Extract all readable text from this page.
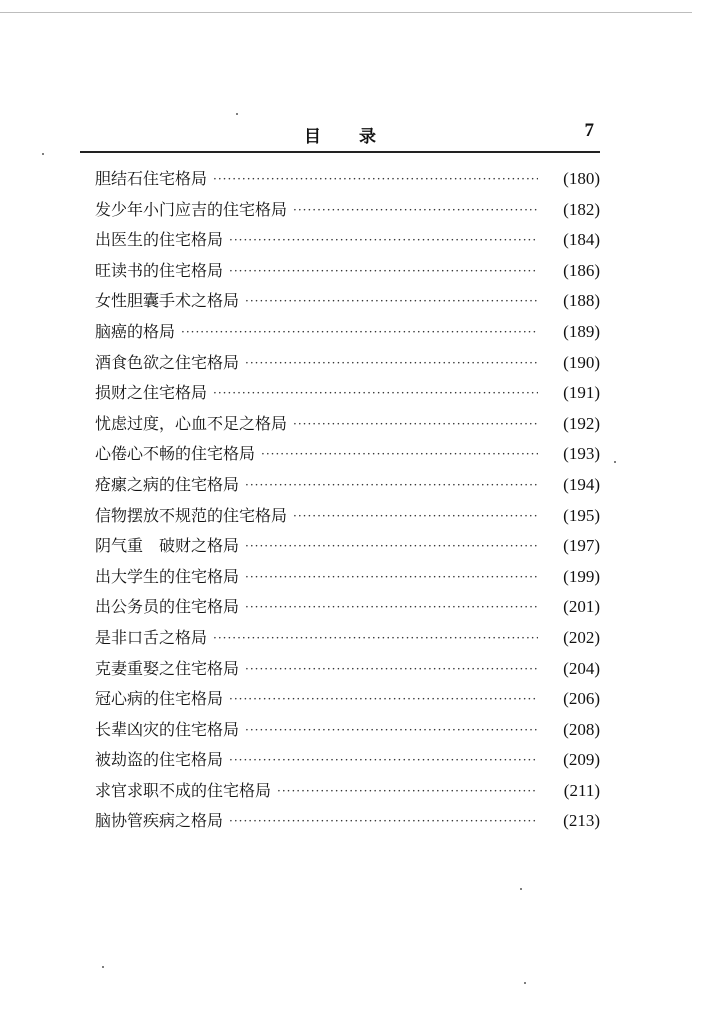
目录	7
胆结石住宅格局 ·····	(180)
发少年小门应吉的住宅格局 ·····	(182)
出医生的住宅格局 ·····	(184)
旺读书的住宅格局 ·····	(186)
女性胆囊手术之格局 ·····	(188)
脑癌的格局 ·····	(189)
酒食色欲之住宅格局 ·····	(190)
损财之住宅格局 ·····	(191)
忧虑过度，心血不足之格局 ·····	(192)
心倦心不畅的住宅格局 ·····	(193)
疮瘰之病的住宅格局 ·····	(194)
信物摆放不规范的住宅格局 ·····	(195)
阴气重　破财之格局 ·····	(197)
出大学生的住宅格局 ·····	(199)
出公务员的住宅格局 ·····	(201)
是非口舌之格局 ·····	(202)
克妻重娶之住宅格局 ·····	(204)
冠心病的住宅格局 ·····	(206)
长辈凶灾的住宅格局 ·····	(208)
被劫盗的住宅格局 ·····	(209)
求官求职不成的住宅格局 ·····	(211)
脑协管疾病之格局 ·····	(213)
